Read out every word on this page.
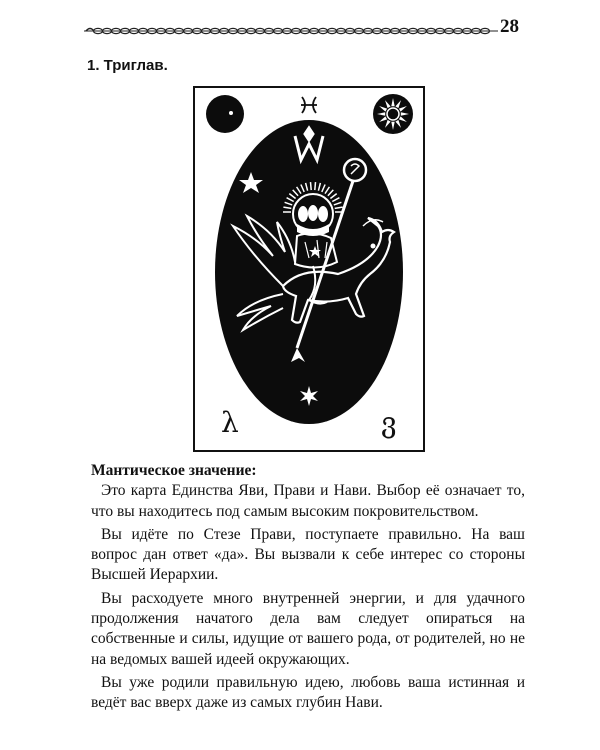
28
1. Триглав.
λ	ვ

Мантическое значение:

Это карта Единства Яви, Прави и Нави. Выбор её означает то, что вы находитесь под самым высоким покровительством.

Вы идёте по Стезе Прави, поступаете правильно. На ваш вопрос дан ответ «да». Вы вызвали к себе интерес со стороны Высшей Иерархии.

Вы расходуете много внутренней энергии, и для удачного продолжения начатого дела вам следует опираться на собственные и силы, идущие от вашего рода, от родителей, но не на ведомых вашей идеей окружающих.

Вы уже родили правильную идею, любовь ваша истинная и ведёт вас вверх даже из самых глубин Нави.
